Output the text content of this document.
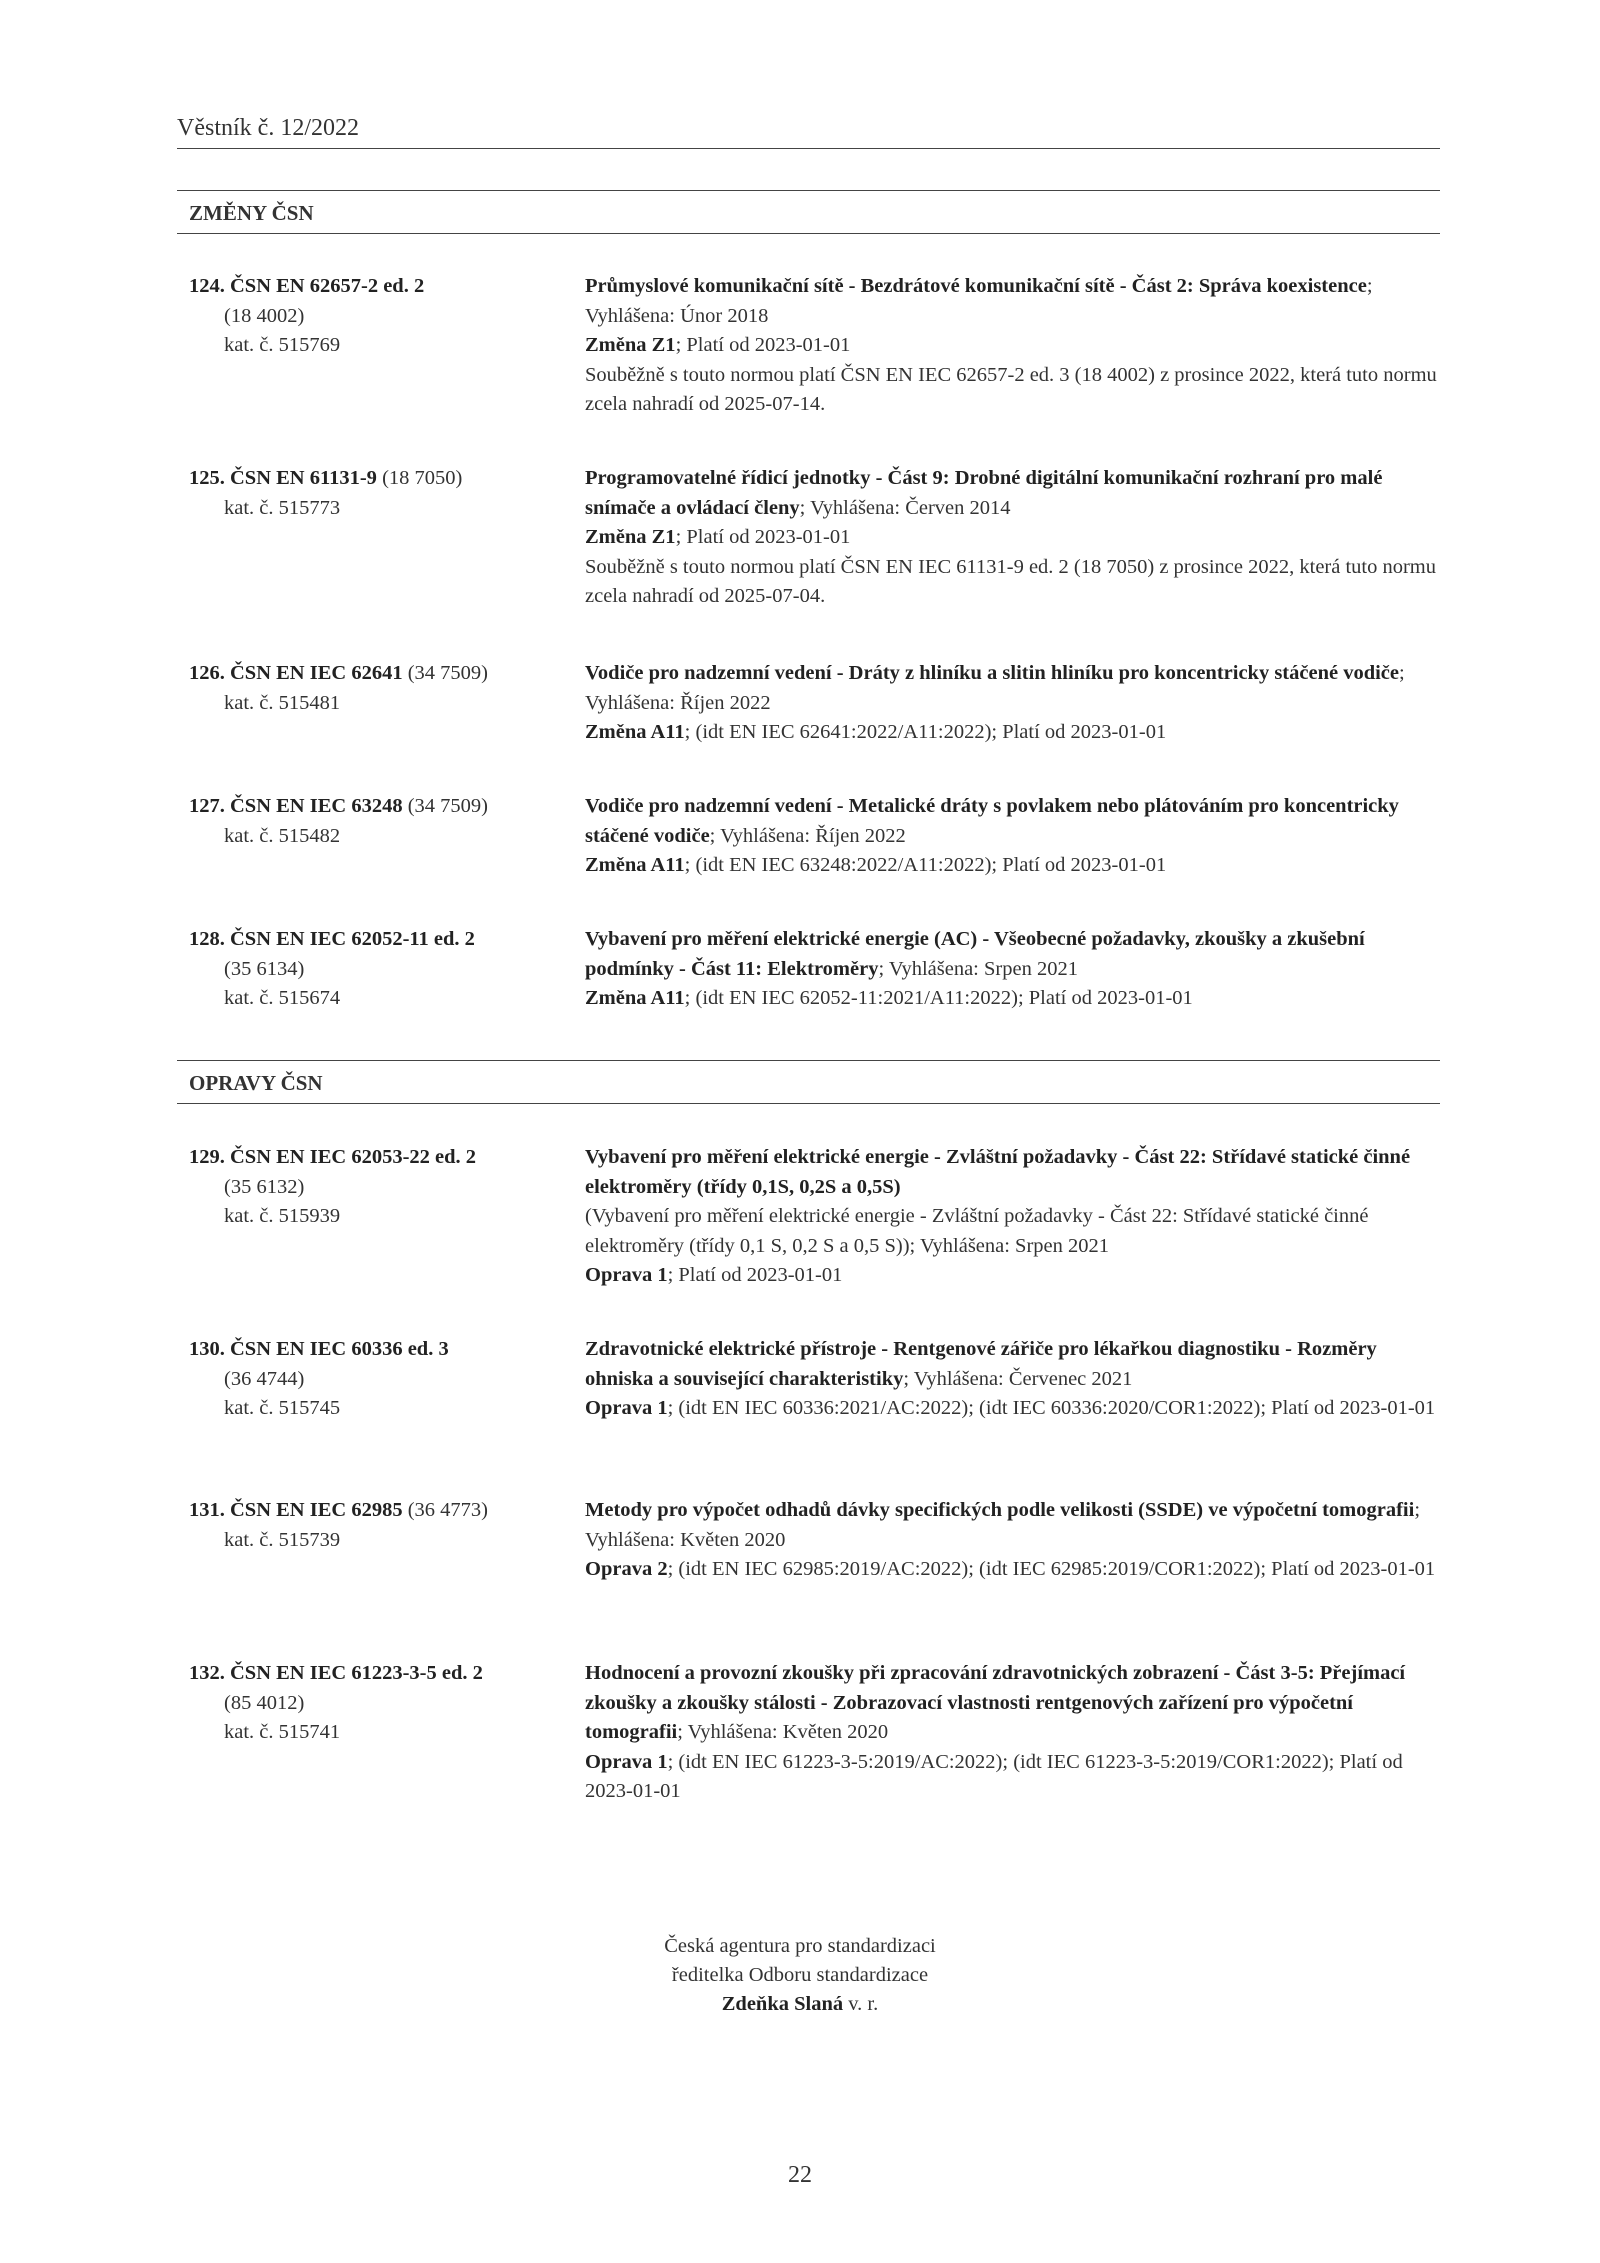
Věstník č. 12/2022
ZMĚNY ČSN
124. ČSN EN 62657-2 ed. 2
(18 4002)
kat. č. 515769
Průmyslové komunikační sítě - Bezdrátové komunikační sítě - Část 2: Správa koexistence; Vyhlášena: Únor 2018
Změna Z1; Platí od 2023-01-01
Souběžně s touto normou platí ČSN EN IEC 62657-2 ed. 3 (18 4002) z prosince 2022, která tuto normu zcela nahradí od 2025-07-14.
125. ČSN EN 61131-9 (18 7050)
kat. č. 515773
Programovatelné řídicí jednotky - Část 9: Drobné digitální komunikační rozhraní pro malé snímače a ovládací členy; Vyhlášena: Červen 2014
Změna Z1; Platí od 2023-01-01
Souběžně s touto normou platí ČSN EN IEC 61131-9 ed. 2 (18 7050) z prosince 2022, která tuto normu zcela nahradí od 2025-07-04.
126. ČSN EN IEC 62641 (34 7509)
kat. č. 515481
Vodiče pro nadzemní vedení - Dráty z hliníku a slitin hliníku pro koncentricky stáčené vodiče; Vyhlášena: Říjen 2022
Změna A11; (idt EN IEC 62641:2022/A11:2022); Platí od 2023-01-01
127. ČSN EN IEC 63248 (34 7509)
kat. č. 515482
Vodiče pro nadzemní vedení - Metalické dráty s povlakem nebo plátováním pro koncentricky stáčené vodiče; Vyhlášena: Říjen 2022
Změna A11; (idt EN IEC 63248:2022/A11:2022); Platí od 2023-01-01
128. ČSN EN IEC 62052-11 ed. 2
(35 6134)
kat. č. 515674
Vybavení pro měření elektrické energie (AC) - Všeobecné požadavky, zkoušky a zkušební podmínky - Část 11: Elektroměry; Vyhlášena: Srpen 2021
Změna A11; (idt EN IEC 62052-11:2021/A11:2022); Platí od 2023-01-01
OPRAVY ČSN
129. ČSN EN IEC 62053-22 ed. 2
(35 6132)
kat. č. 515939
Vybavení pro měření elektrické energie - Zvláštní požadavky - Část 22: Střídavé statické činné elektroměry (třídy 0,1S, 0,2S a 0,5S)
(Vybavení pro měření elektrické energie - Zvláštní požadavky - Část 22: Střídavé statické činné elektroměry (třídy 0,1 S, 0,2 S a 0,5 S)); Vyhlášena: Srpen 2021
Oprava 1; Platí od 2023-01-01
130. ČSN EN IEC 60336 ed. 3
(36 4744)
kat. č. 515745
Zdravotnické elektrické přístroje - Rentgenové zářiče pro lékařkou diagnostiku - Rozměry ohniska a související charakteristiky; Vyhlášena: Červenec 2021
Oprava 1; (idt EN IEC 60336:2021/AC:2022); (idt IEC 60336:2020/COR1:2022); Platí od 2023-01-01
131. ČSN EN IEC 62985 (36 4773)
kat. č. 515739
Metody pro výpočet odhadů dávky specifických podle velikosti (SSDE) ve výpočetní tomografii; Vyhlášena: Květen 2020
Oprava 2; (idt EN IEC 62985:2019/AC:2022); (idt IEC 62985:2019/COR1:2022); Platí od 2023-01-01
132. ČSN EN IEC 61223-3-5 ed. 2
(85 4012)
kat. č. 515741
Hodnocení a provozní zkoušky při zpracování zdravotnických zobrazení - Část 3-5: Přejímací zkoušky a zkoušky stálosti - Zobrazovací vlastnosti rentgenových zařízení pro výpočetní tomografii; Vyhlášena: Květen 2020
Oprava 1; (idt EN IEC 61223-3-5:2019/AC:2022); (idt IEC 61223-3-5:2019/COR1:2022); Platí od 2023-01-01
Česká agentura pro standardizaci
ředitelka Odboru standardizace
Zdeňka Slaná v. r.
22
